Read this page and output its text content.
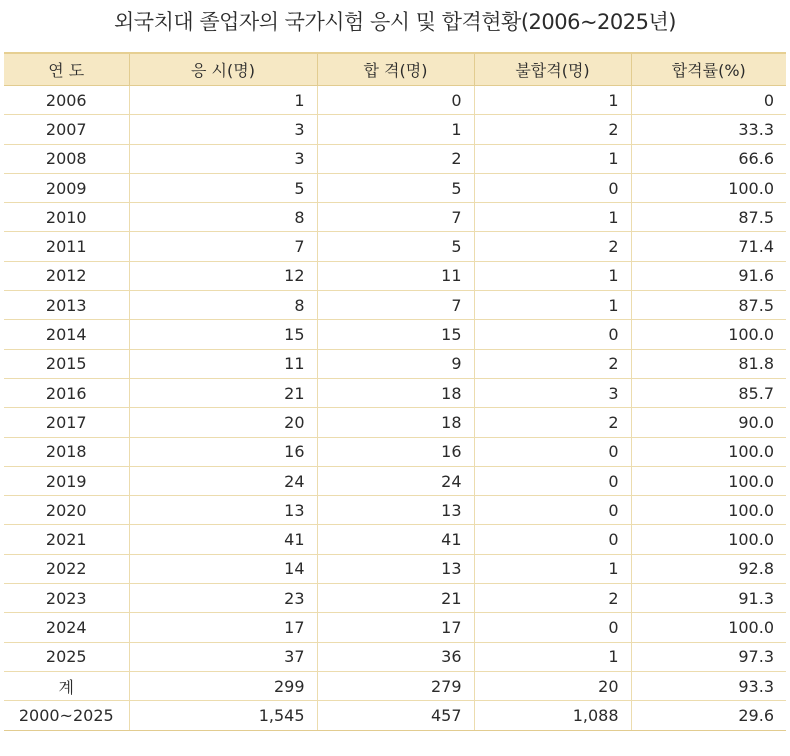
외국치대 졸업자의 국가시험 응시 및 합격현황(2006~2025년)
연 도	응 시(명)	합 격(명)	불합격(명)	합격률(%)
2006	1	0	1	0
2007	3	1	2	33.3
2008	3	2	1	66.6
2009	5	5	0	100.0
2010	8	7	1	87.5
2011	7	5	2	71.4
2012	12	11	1	91.6
2013	8	7	1	87.5
2014	15	15	0	100.0
2015	11	9	2	81.8
2016	21	18	3	85.7
2017	20	18	2	90.0
2018	16	16	0	100.0
2019	24	24	0	100.0
2020	13	13	0	100.0
2021	41	41	0	100.0
2022	14	13	1	92.8
2023	23	21	2	91.3
2024	17	17	0	100.0
2025	37	36	1	97.3
계	299	279	20	93.3
2000~2025	1,545	457	1,088	29.6
